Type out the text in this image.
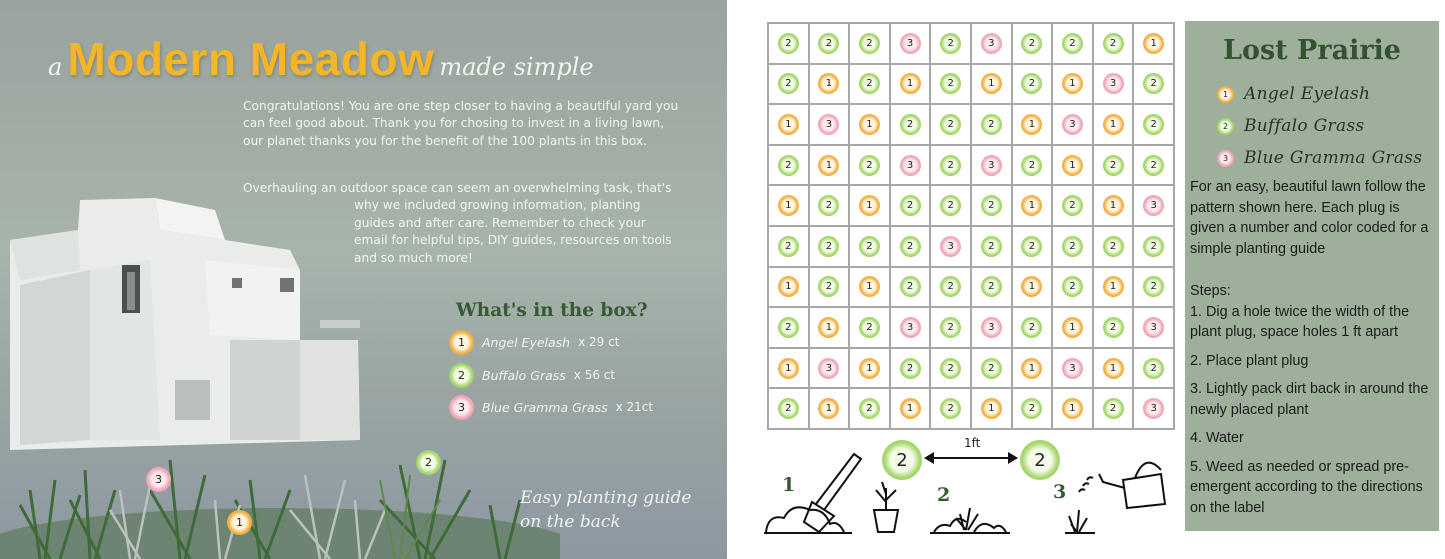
a Modern Meadow made simple

Congratulations! You are one step closer to having a beautiful yard you can feel good about. Thank you for chosing to invest in a living lawn, our planet thanks you for the benefit of the 100 plants in this box.

Overhauling an outdoor space can seem an overwhelming task, that's
why we included growing information, planting guides and after care. Remember to check your email for helpful tips, DIY guides, resources on tools and so much more!

3
2
1
What's in the box?
1	Angel Eyelash x 29 ct
2	Buffalo Grass x 56 ct
3	Blue Gramma Grass x 21ct
Easy planting guide
on the back
2	2	2	3	2	3	2	2	2	1
2	1	2	1	2	1	2	1	3	2
1	3	1	2	2	2	1	3	1	2
2	1	2	3	2	3	2	1	2	2
1	2	1	2	2	2	1	2	1	3
2	2	2	2	3	2	2	2	2	2
1	2	1	2	2	2	1	2	1	2
2	1	2	3	2	3	2	1	2	3
1	3	1	2	2	2	1	3	1	2
2	1	2	1	2	1	2	1	2	3
2
1ft
2
1	2	3
Lost Prairie
1 Angel Eyelash
2 Buffalo Grass
3 Blue Gramma Grass

For an easy, beautiful lawn follow the pattern shown here. Each plug is given a number and color coded for a simple planting guide

Steps:
1. Dig a hole twice the width of the plant plug, space holes 1 ft apart
2. Place plant plug
3. Lightly pack dirt back in around the newly placed plant
4. Water
5. Weed as needed or spread pre-emergent according to the directions on the label
